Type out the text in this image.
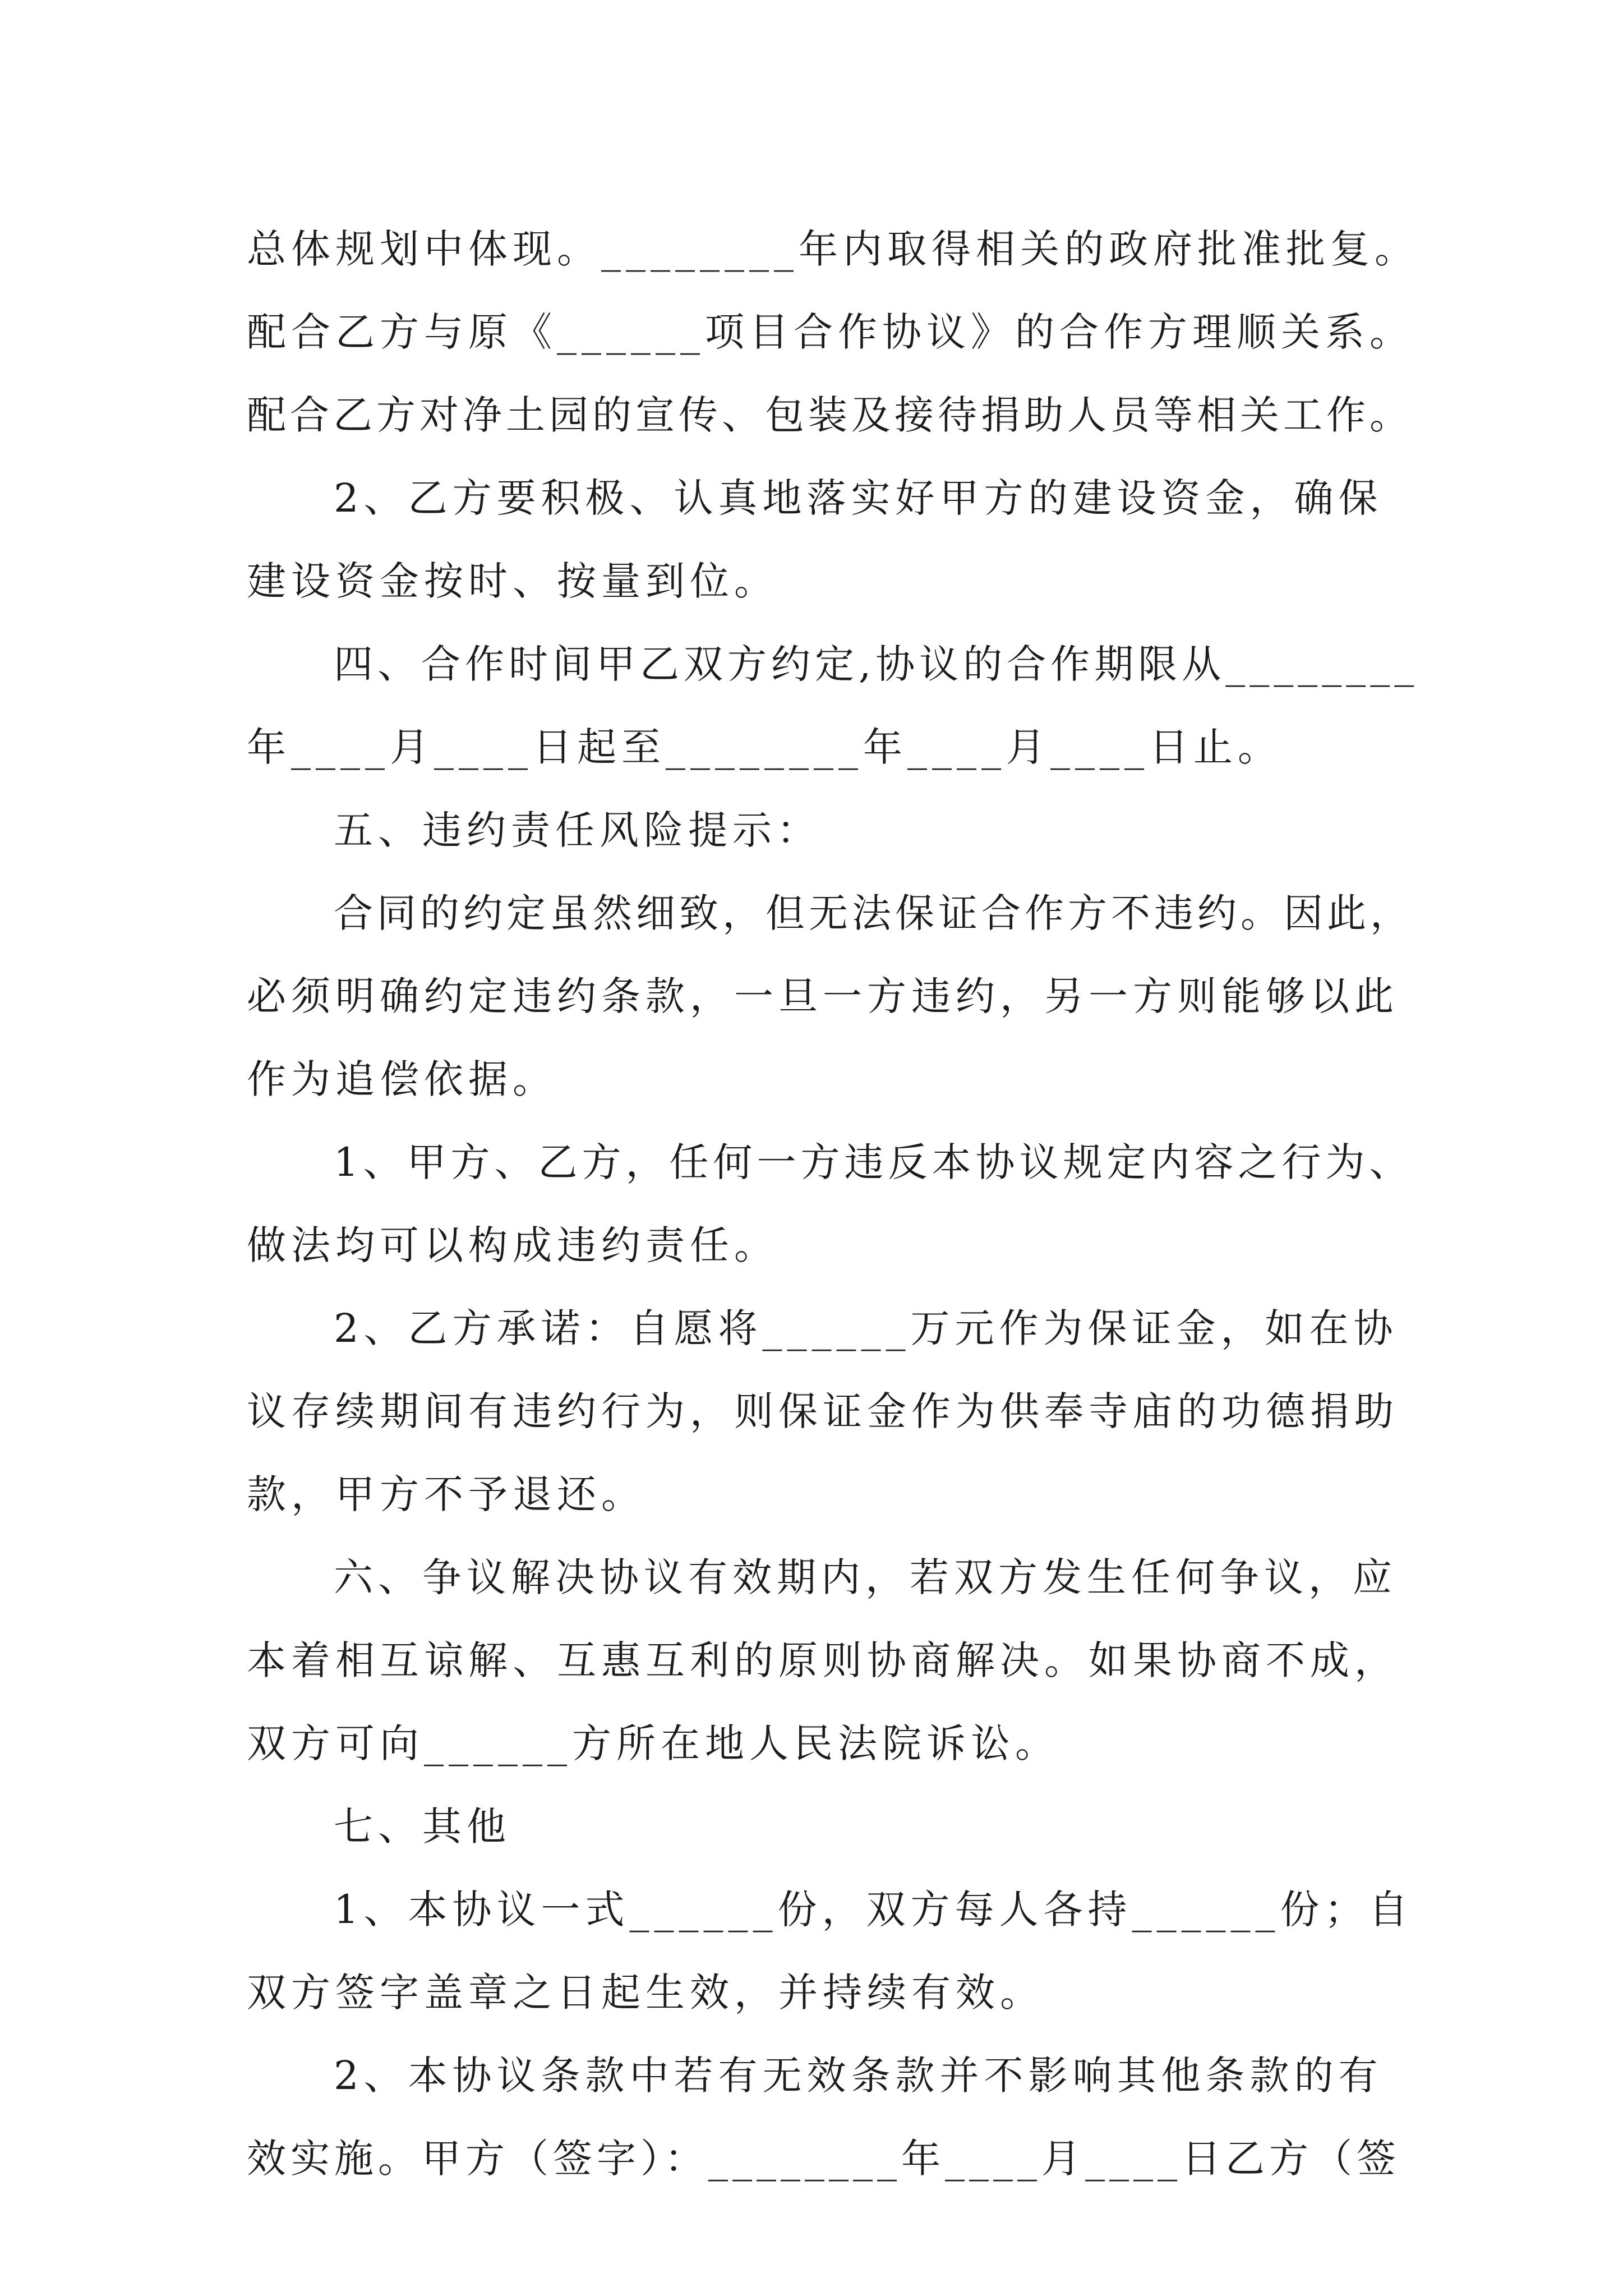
总体规划中体现。________年内取得相关的政府批准批复。

配合乙方与原《______项目合作协议》的合作方理顺关系。

配合乙方对净土园的宣传、包装及接待捐助人员等相关工作。

2、乙方要积极、认真地落实好甲方的建设资金，确保

建设资金按时、按量到位。

四、合作时间甲乙双方约定,协议的合作期限从________

年____月____日起至________年____月____日止。

五、违约责任风险提示：

合同的约定虽然细致，但无法保证合作方不违约。因此，

必须明确约定违约条款，一旦一方违约，另一方则能够以此

作为追偿依据。

1、甲方、乙方，任何一方违反本协议规定内容之行为、

做法均可以构成违约责任。

2、乙方承诺：自愿将______万元作为保证金，如在协

议存续期间有违约行为，则保证金作为供奉寺庙的功德捐助

款，甲方不予退还。

六、争议解决协议有效期内，若双方发生任何争议，应

本着相互谅解、互惠互利的原则协商解决。如果协商不成，

双方可向______方所在地人民法院诉讼。

七、其他

1、本协议一式______份，双方每人各持______份；自

双方签字盖章之日起生效，并持续有效。

2、本协议条款中若有无效条款并不影响其他条款的有

效实施。甲方（签字）：________年____月____日乙方（签
